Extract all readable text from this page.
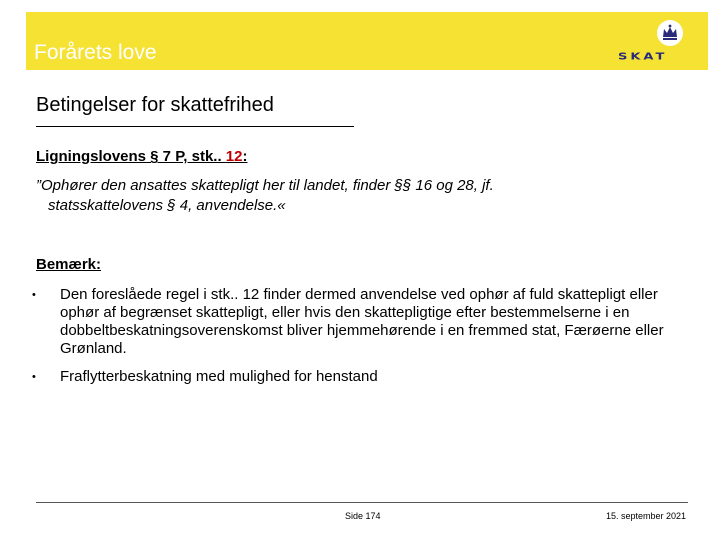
Forårets love	SKAT
Betingelser for skattefrihed
Ligningslovens § 7 P, stk.. 12:
”Ophører den ansattes skattepligt her til landet, finder §§ 16 og 28, jf.
statsskattelovens § 4, anvendelse.«
Bemærk:
• Den foreslåede regel i stk.. 12 finder dermed anvendelse ved ophør af fuld skattepligt eller ophør af begrænset skattepligt, eller hvis den skattepligtige efter bestemmelserne i en dobbeltbeskatningsoverenskomst bliver hjemmehørende i en fremmed stat, Færøerne eller Grønland.
• Fraflytterbeskatning med mulighed for henstand
Side 174	15. september 2021
